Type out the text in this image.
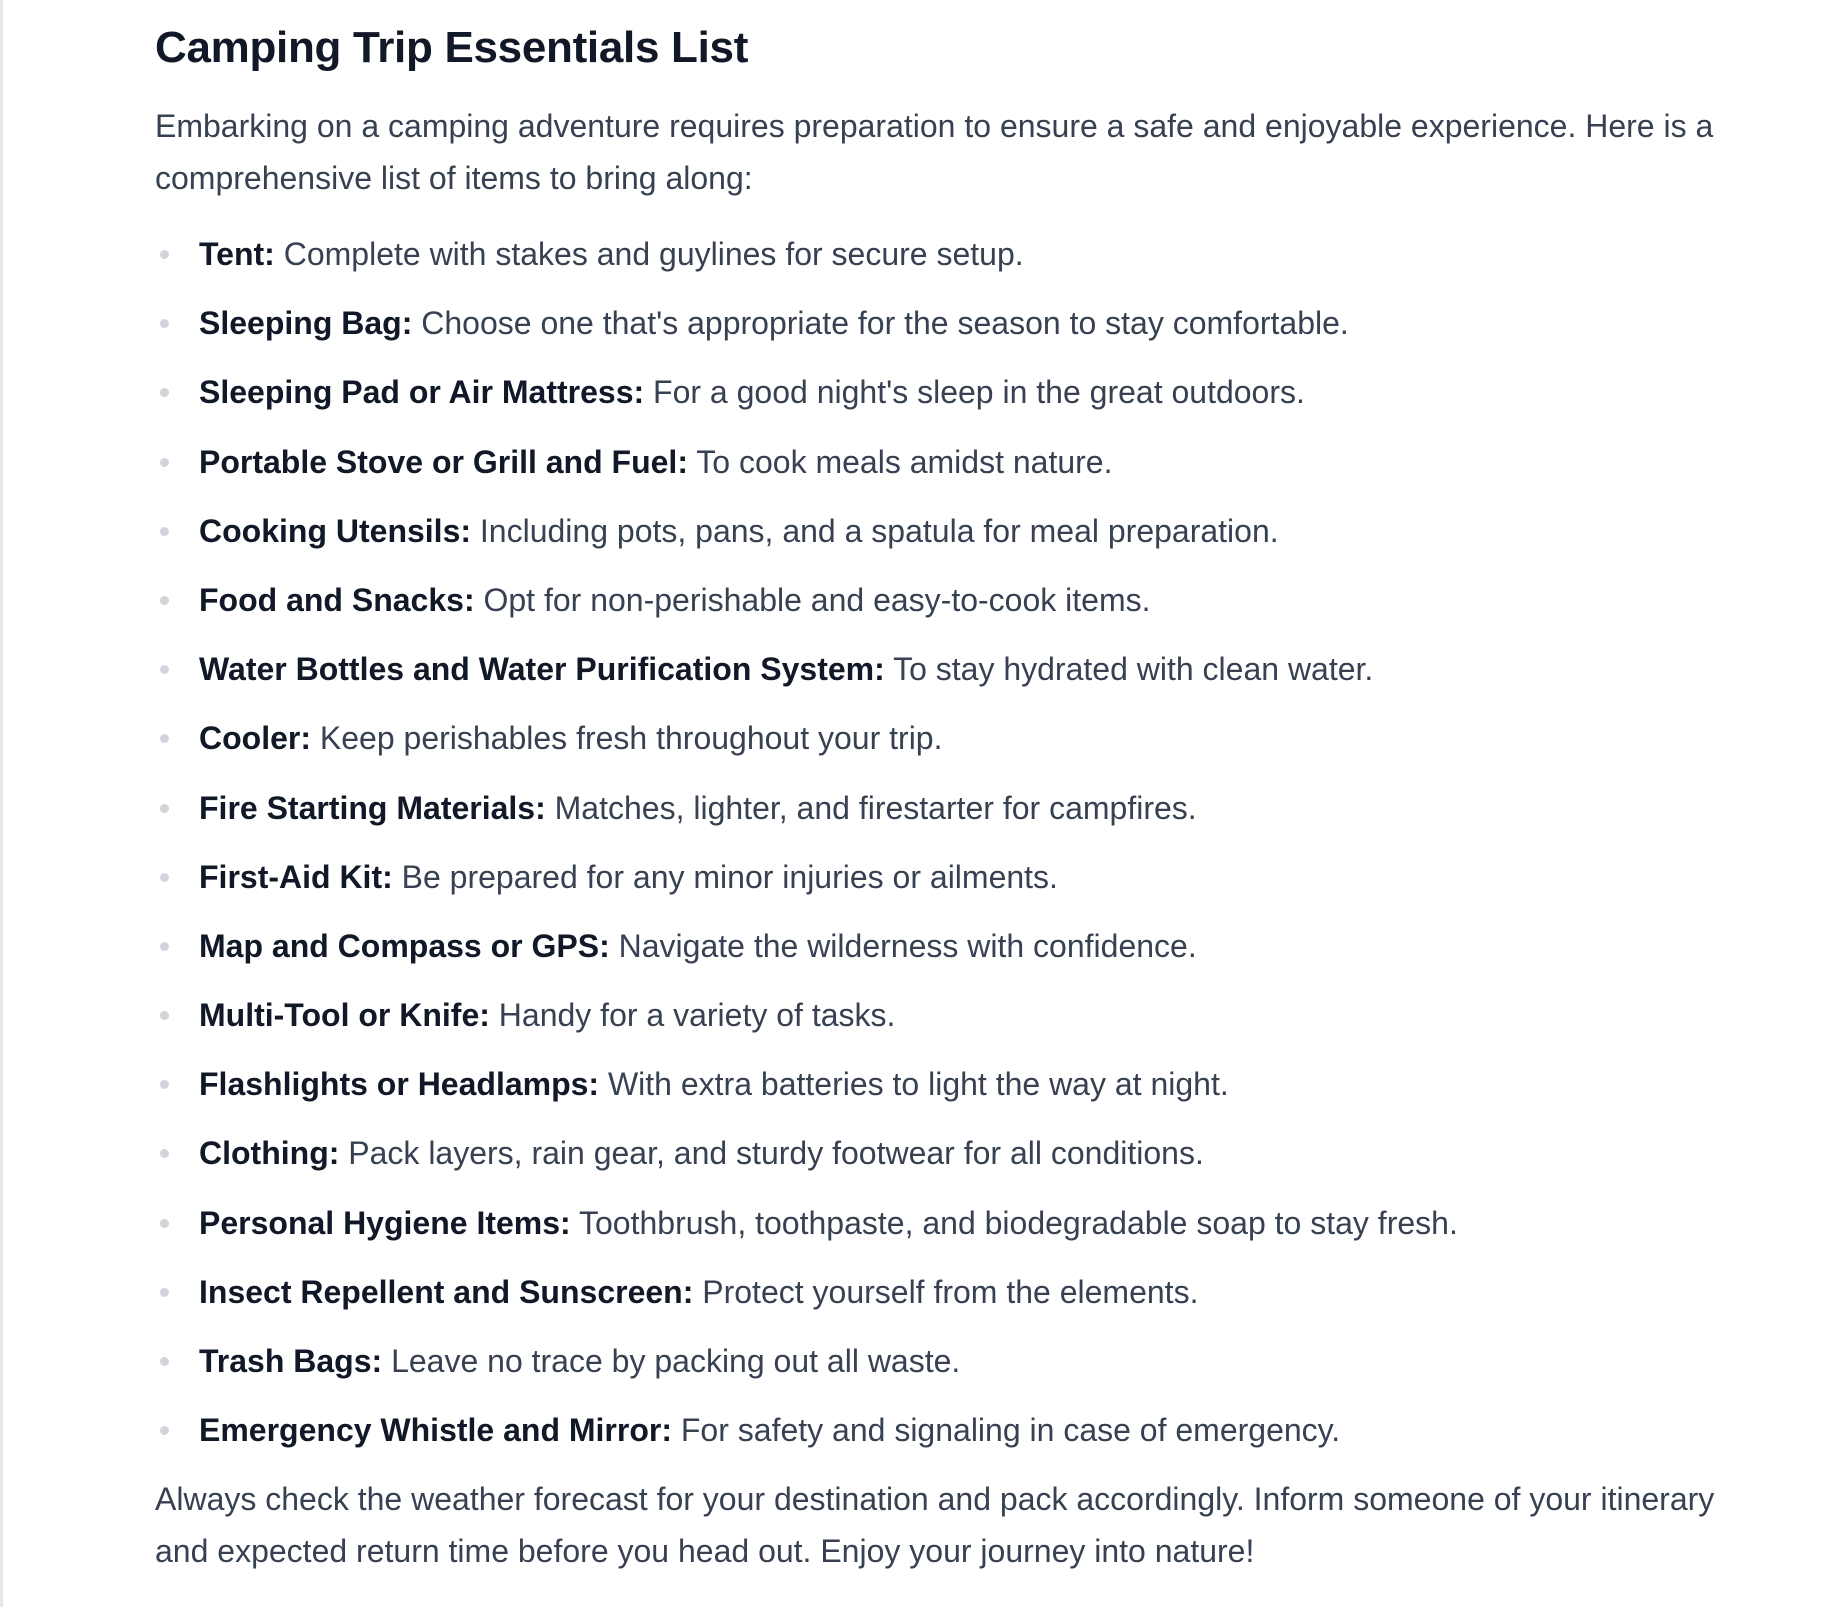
Camping Trip Essentials List

Embarking on a camping adventure requires preparation to ensure a safe and enjoyable experience. Here is a comprehensive list of items to bring along:

Tent: Complete with stakes and guylines for secure setup.
Sleeping Bag: Choose one that's appropriate for the season to stay comfortable.
Sleeping Pad or Air Mattress: For a good night's sleep in the great outdoors.
Portable Stove or Grill and Fuel: To cook meals amidst nature.
Cooking Utensils: Including pots, pans, and a spatula for meal preparation.
Food and Snacks: Opt for non-perishable and easy-to-cook items.
Water Bottles and Water Purification System: To stay hydrated with clean water.
Cooler: Keep perishables fresh throughout your trip.
Fire Starting Materials: Matches, lighter, and firestarter for campfires.
First-Aid Kit: Be prepared for any minor injuries or ailments.
Map and Compass or GPS: Navigate the wilderness with confidence.
Multi-Tool or Knife: Handy for a variety of tasks.
Flashlights or Headlamps: With extra batteries to light the way at night.
Clothing: Pack layers, rain gear, and sturdy footwear for all conditions.
Personal Hygiene Items: Toothbrush, toothpaste, and biodegradable soap to stay fresh.
Insect Repellent and Sunscreen: Protect yourself from the elements.
Trash Bags: Leave no trace by packing out all waste.
Emergency Whistle and Mirror: For safety and signaling in case of emergency.

Always check the weather forecast for your destination and pack accordingly. Inform someone of your itinerary and expected return time before you head out. Enjoy your journey into nature!
